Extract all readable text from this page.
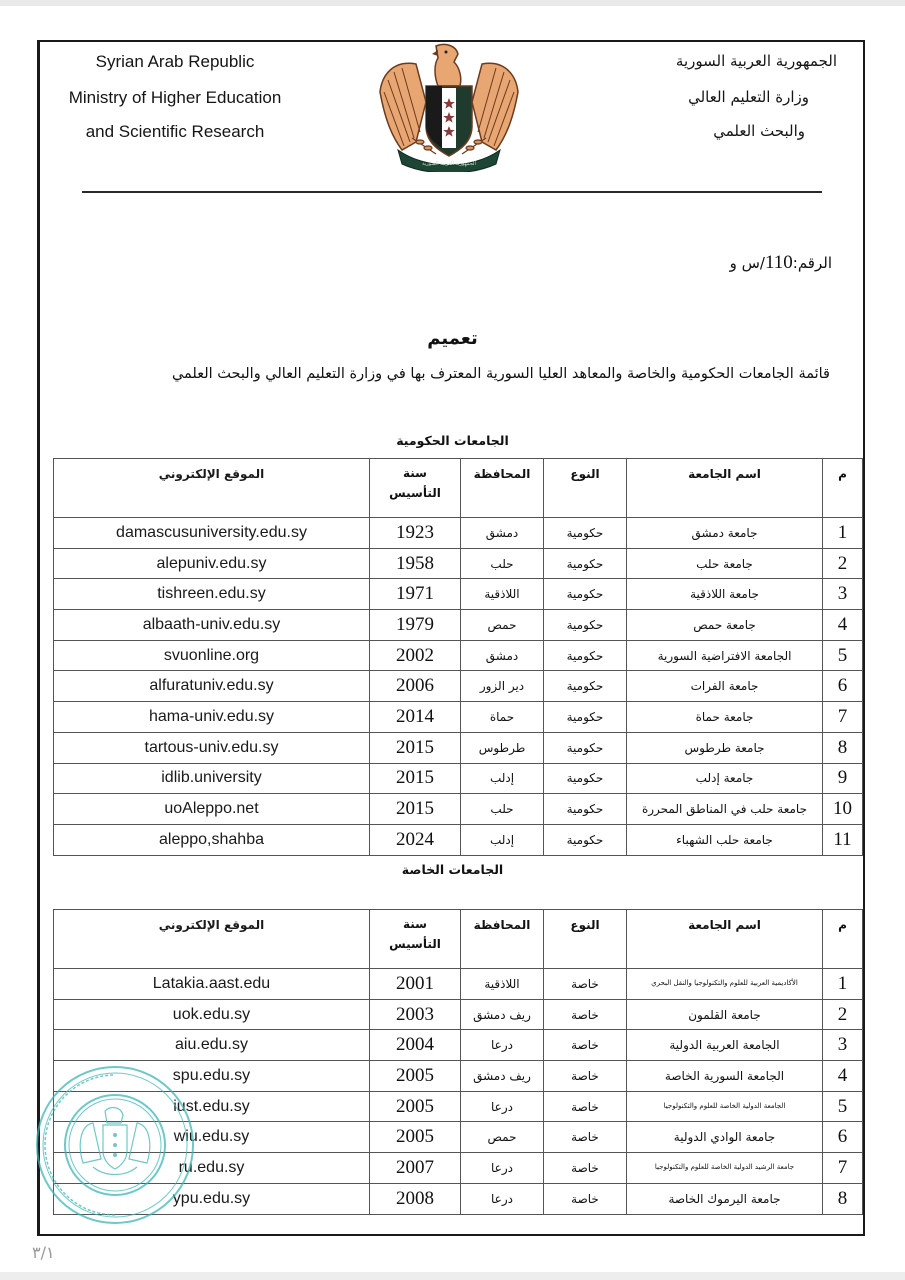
Syrian Arab Republic
Ministry of Higher Education
and Scientific Research
الجمهورية العربية السورية
وزارة التعليم العالي
والبحث العلمي
الجمهورية العربية السورية
الرقم:110/س و
تعميم
قائمة الجامعات الحكومية والخاصة والمعاهد العليا السورية المعترف بها في وزارة التعليم العالي والبحث العلمي
الجامعات الحكومية
م	اسم الجامعة	النوع	المحافظة	سنة
التأسيس	الموقع الإلكتروني
1	جامعة دمشق	حكومية	دمشق	1923	damascusuniversity.edu.sy
2	جامعة حلب	حكومية	حلب	1958	alepuniv.edu.sy
3	جامعة اللاذقية	حكومية	اللاذقية	1971	tishreen.edu.sy
4	جامعة حمص	حكومية	حمص	1979	albaath-univ.edu.sy
5	الجامعة الافتراضية السورية	حكومية	دمشق	2002	svuonline.org
6	جامعة الفرات	حكومية	دير الزور	2006	alfuratuniv.edu.sy
7	جامعة حماة	حكومية	حماة	2014	hama-univ.edu.sy
8	جامعة طرطوس	حكومية	طرطوس	2015	tartous-univ.edu.sy
9	جامعة إدلب	حكومية	إدلب	2015	idlib.university
10	جامعة حلب في المناطق المحررة	حكومية	حلب	2015	uoAleppo.net
11	جامعة حلب الشهباء	حكومية	إدلب	2024	aleppo,shahba
الجامعات الخاصة
م	اسم الجامعة	النوع	المحافظة	سنة
التأسيس	الموقع الإلكتروني
1	الأكاديمية العربية للعلوم والتكنولوجيا والنقل البحري	خاصة	اللاذقية	2001	Latakia.aast.edu
2	جامعة القلمون	خاصة	ريف دمشق	2003	uok.edu.sy
3	الجامعة العربية الدولية	خاصة	درعا	2004	aiu.edu.sy
4	الجامعة السورية الخاصة	خاصة	ريف دمشق	2005	spu.edu.sy
5	الجامعة الدولية الخاصة للعلوم والتكنولوجيا	خاصة	درعا	2005	iust.edu.sy
6	جامعة الوادي الدولية	خاصة	حمص	2005	wiu.edu.sy
7	جامعة الرشيد الدولية الخاصة للعلوم والتكنولوجيا	خاصة	درعا	2007	ru.edu.sy
8	جامعة اليرموك الخاصة	خاصة	درعا	2008	ypu.edu.sy
٣/١
